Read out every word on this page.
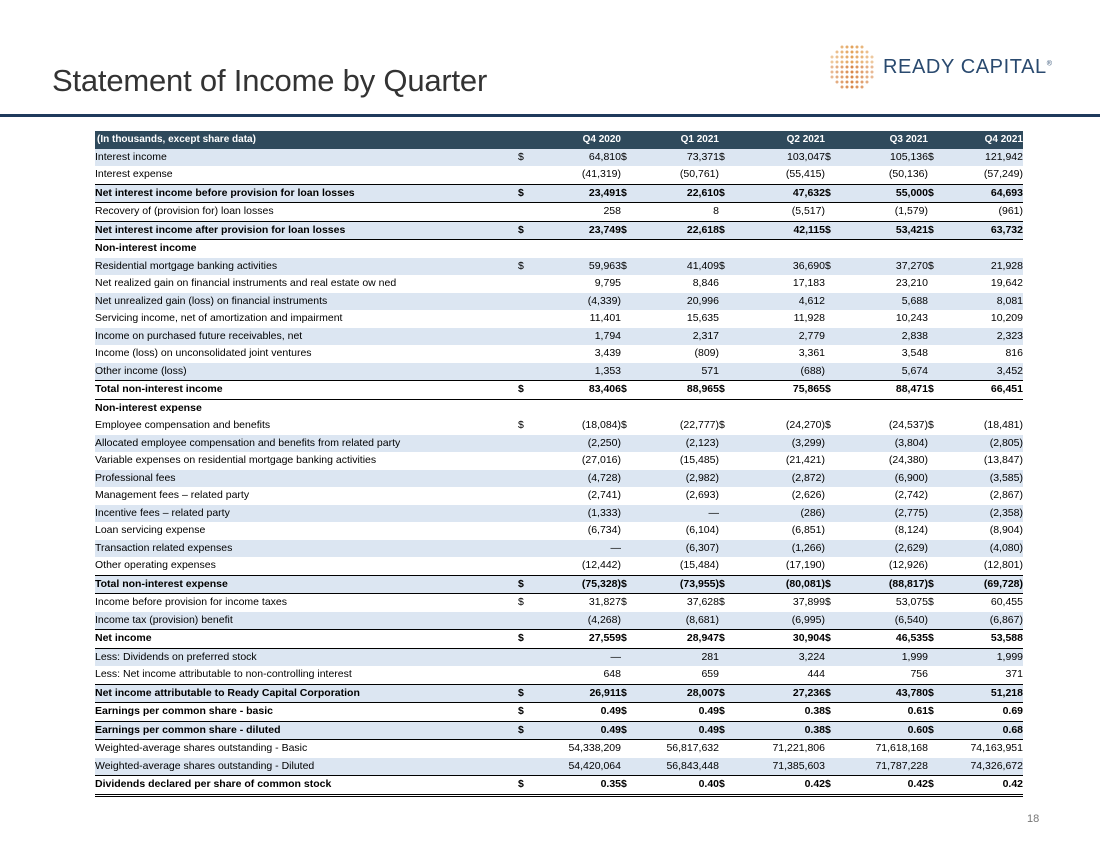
Statement of Income by Quarter	READY CAPITAL®
(In thousands, except share data)		Q4 2020		Q1 2021		Q2 2021		Q3 2021		Q4 2021
Interest income	$	64,810	$	73,371	$	103,047	$	105,136	$	121,942
Interest expense		(41,319)		(50,761)		(55,415)		(50,136)		(57,249)
Net interest income before provision for loan losses	$	23,491	$	22,610	$	47,632	$	55,000	$	64,693
Recovery of (provision for) loan losses		258		8		(5,517)		(1,579)		(961)
Net interest income after provision for loan losses	$	23,749	$	22,618	$	42,115	$	53,421	$	63,732
Non-interest income										
Residential mortgage banking activities	$	59,963	$	41,409	$	36,690	$	37,270	$	21,928
Net realized gain on financial instruments and real estate ow ned		9,795		8,846		17,183		23,210		19,642
Net unrealized gain (loss) on financial instruments		(4,339)		20,996		4,612		5,688		8,081
Servicing income, net of amortization and impairment		11,401		15,635		11,928		10,243		10,209
Income on purchased future receivables, net		1,794		2,317		2,779		2,838		2,323
Income (loss) on unconsolidated joint ventures		3,439		(809)		3,361		3,548		816
Other income (loss)		1,353		571		(688)		5,674		3,452
Total non-interest income	$	83,406	$	88,965	$	75,865	$	88,471	$	66,451
Non-interest expense										
Employee compensation and benefits	$	(18,084)	$	(22,777)	$	(24,270)	$	(24,537)	$	(18,481)
Allocated employee compensation and benefits from related party		(2,250)		(2,123)		(3,299)		(3,804)		(2,805)
Variable expenses on residential mortgage banking activities		(27,016)		(15,485)		(21,421)		(24,380)		(13,847)
Professional fees		(4,728)		(2,982)		(2,872)		(6,900)		(3,585)
Management fees – related party		(2,741)		(2,693)		(2,626)		(2,742)		(2,867)
Incentive fees – related party		(1,333)		—		(286)		(2,775)		(2,358)
Loan servicing expense		(6,734)		(6,104)		(6,851)		(8,124)		(8,904)
Transaction related expenses		—		(6,307)		(1,266)		(2,629)		(4,080)
Other operating expenses		(12,442)		(15,484)		(17,190)		(12,926)		(12,801)
Total non-interest expense	$	(75,328)	$	(73,955)	$	(80,081)	$	(88,817)	$	(69,728)
Income before provision for income taxes	$	31,827	$	37,628	$	37,899	$	53,075	$	60,455
Income tax (provision) benefit		(4,268)		(8,681)		(6,995)		(6,540)		(6,867)
Net income	$	27,559	$	28,947	$	30,904	$	46,535	$	53,588
Less: Dividends on preferred stock		—		281		3,224		1,999		1,999
Less: Net income attributable to non-controlling interest		648		659		444		756		371
Net income attributable to Ready Capital Corporation	$	26,911	$	28,007	$	27,236	$	43,780	$	51,218
Earnings per common share - basic	$	0.49	$	0.49	$	0.38	$	0.61	$	0.69
Earnings per common share - diluted	$	0.49	$	0.49	$	0.38	$	0.60	$	0.68
Weighted-average shares outstanding - Basic		54,338,209		56,817,632		71,221,806		71,618,168		74,163,951
Weighted-average shares outstanding - Diluted		54,420,064		56,843,448		71,385,603		71,787,228		74,326,672
Dividends declared per share of common stock	$	0.35	$	0.40	$	0.42	$	0.42	$	0.42
18
